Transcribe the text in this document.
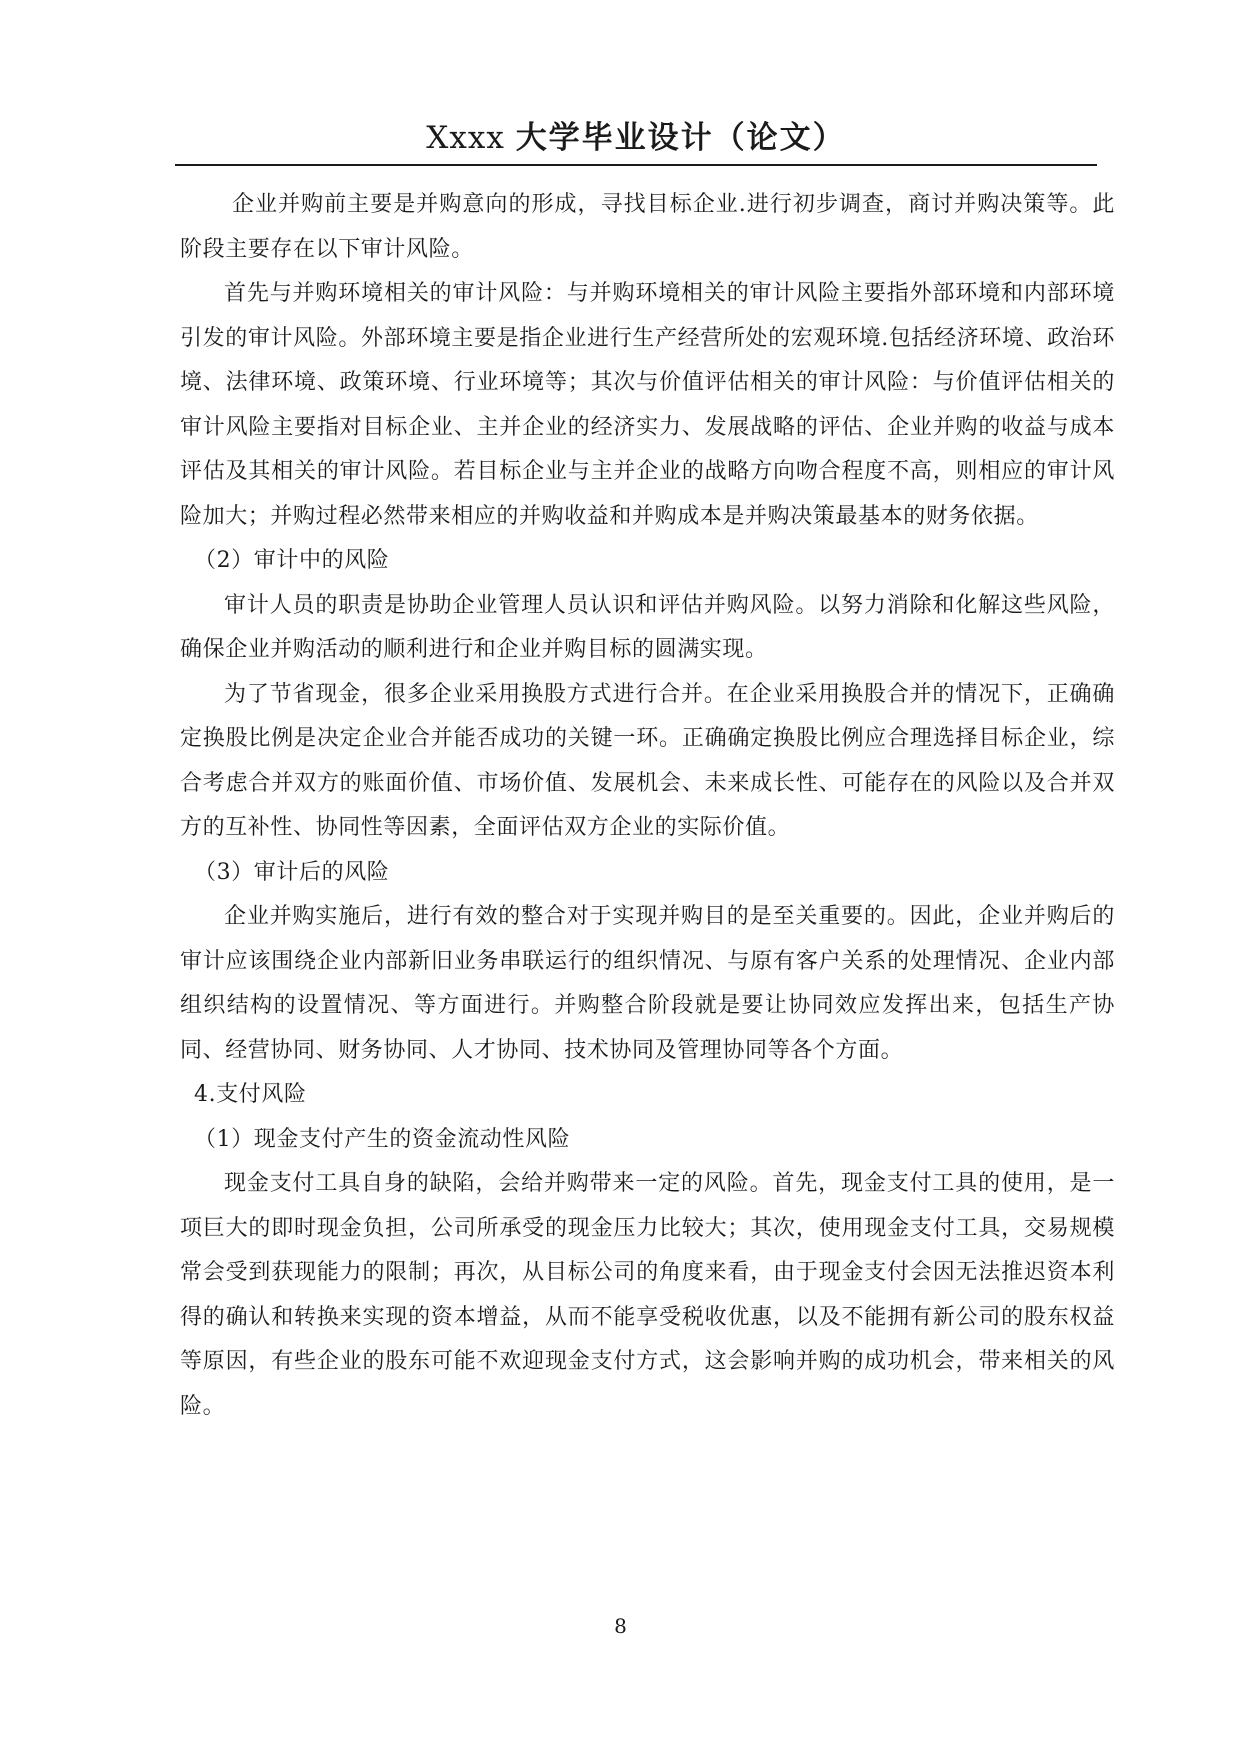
Xxxx 大学毕业设计（论文）

企业并购前主要是并购意向的形成，寻找目标企业.进行初步调查，商讨并购决策等。此阶段主要存在以下审计风险。

首先与并购环境相关的审计风险：与并购环境相关的审计风险主要指外部环境和内部环境引发的审计风险。外部环境主要是指企业进行生产经营所处的宏观环境.包括经济环境、政治环境、法律环境、政策环境、行业环境等；其次与价值评估相关的审计风险：与价值评估相关的审计风险主要指对目标企业、主并企业的经济实力、发展战略的评估、企业并购的收益与成本评估及其相关的审计风险。若目标企业与主并企业的战略方向吻合程度不高，则相应的审计风险加大；并购过程必然带来相应的并购收益和并购成本是并购决策最基本的财务依据。

（2）审计中的风险

审计人员的职责是协助企业管理人员认识和评估并购风险。以努力消除和化解这些风险，确保企业并购活动的顺利进行和企业并购目标的圆满实现。

为了节省现金，很多企业采用换股方式进行合并。在企业采用换股合并的情况下，正确确定换股比例是决定企业合并能否成功的关键一环。正确确定换股比例应合理选择目标企业，综合考虑合并双方的账面价值、市场价值、发展机会、未来成长性、可能存在的风险以及合并双方的互补性、协同性等因素，全面评估双方企业的实际价值。

（3）审计后的风险

企业并购实施后，进行有效的整合对于实现并购目的是至关重要的。因此，企业并购后的审计应该围绕企业内部新旧业务串联运行的组织情况、与原有客户关系的处理情况、企业内部组织结构的设置情况、等方面进行。并购整合阶段就是要让协同效应发挥出来，包括生产协同、经营协同、财务协同、人才协同、技术协同及管理协同等各个方面。

4.支付风险

（1）现金支付产生的资金流动性风险

现金支付工具自身的缺陷，会给并购带来一定的风险。首先，现金支付工具的使用，是一项巨大的即时现金负担，公司所承受的现金压力比较大；其次，使用现金支付工具，交易规模常会受到获现能力的限制；再次，从目标公司的角度来看，由于现金支付会因无法推迟资本利得的确认和转换来实现的资本增益，从而不能享受税收优惠，以及不能拥有新公司的股东权益等原因，有些企业的股东可能不欢迎现金支付方式，这会影响并购的成功机会，带来相关的风险。

8
